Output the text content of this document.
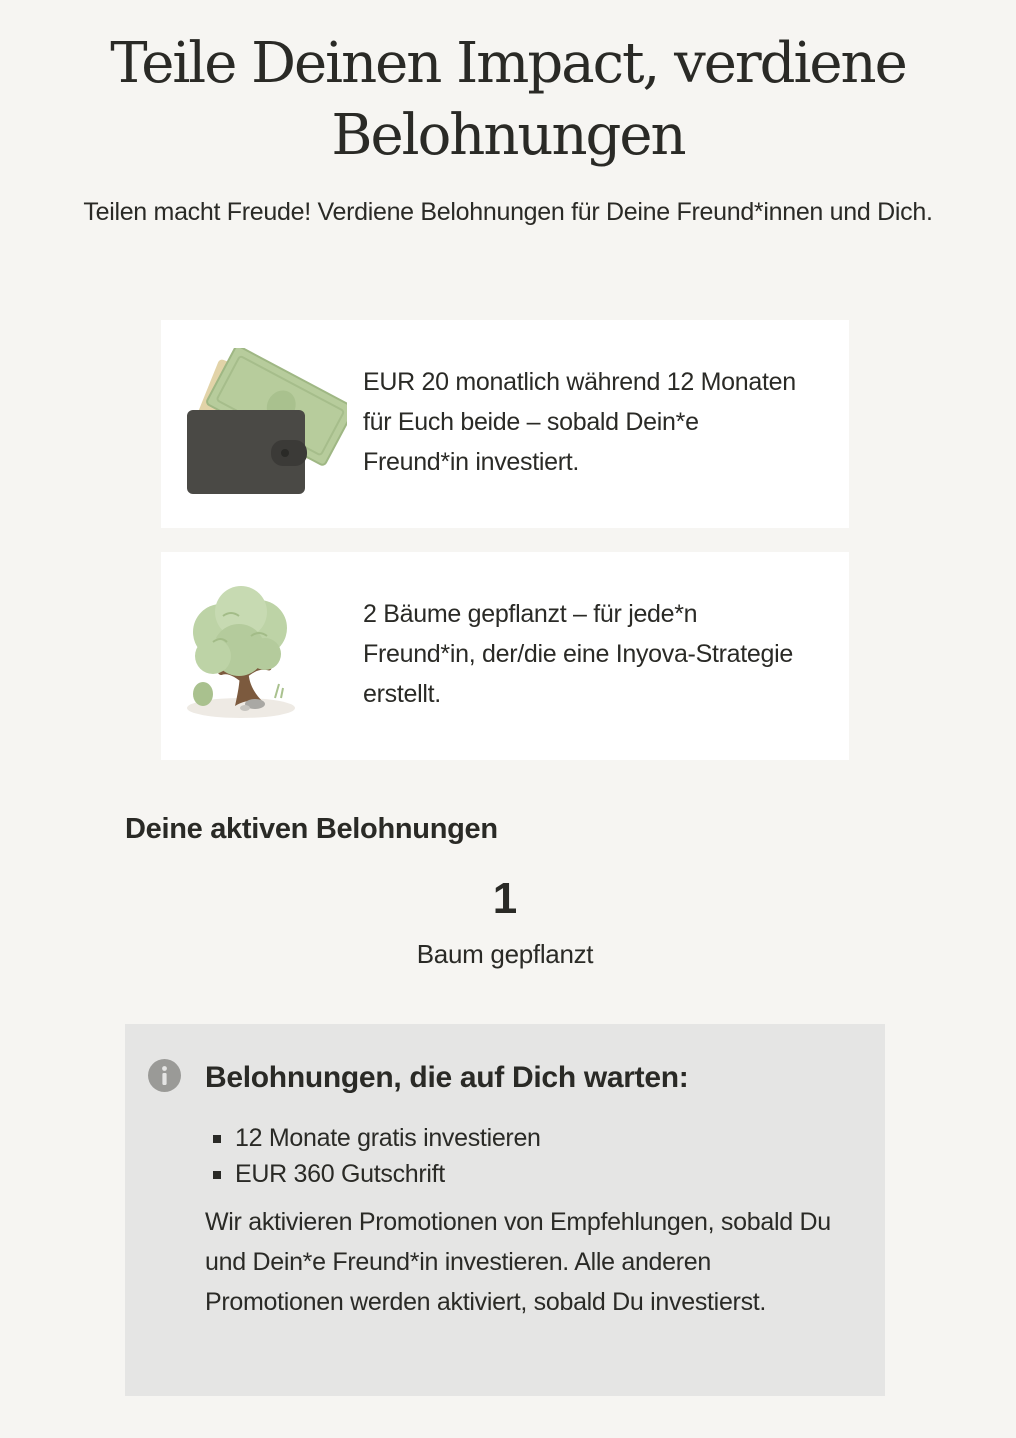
Teile Deinen Impact, verdiene Belohnungen
Teilen macht Freude! Verdiene Belohnungen für Deine Freund*innen und Dich.
EUR 20 monatlich während 12 Monaten für Euch beide – sobald Dein*e Freund*in investiert.
2 Bäume gepflanzt – für jede*n Freund*in, der/die eine Inyova-Strategie erstellt.
Deine aktiven Belohnungen
1
Baum gepflanzt
Belohnungen, die auf Dich warten:
12 Monate gratis investieren
EUR 360 Gutschrift
Wir aktivieren Promotionen von Empfehlungen, sobald Du und Dein*e Freund*in investieren. Alle anderen Promotionen werden aktiviert, sobald Du investierst.
